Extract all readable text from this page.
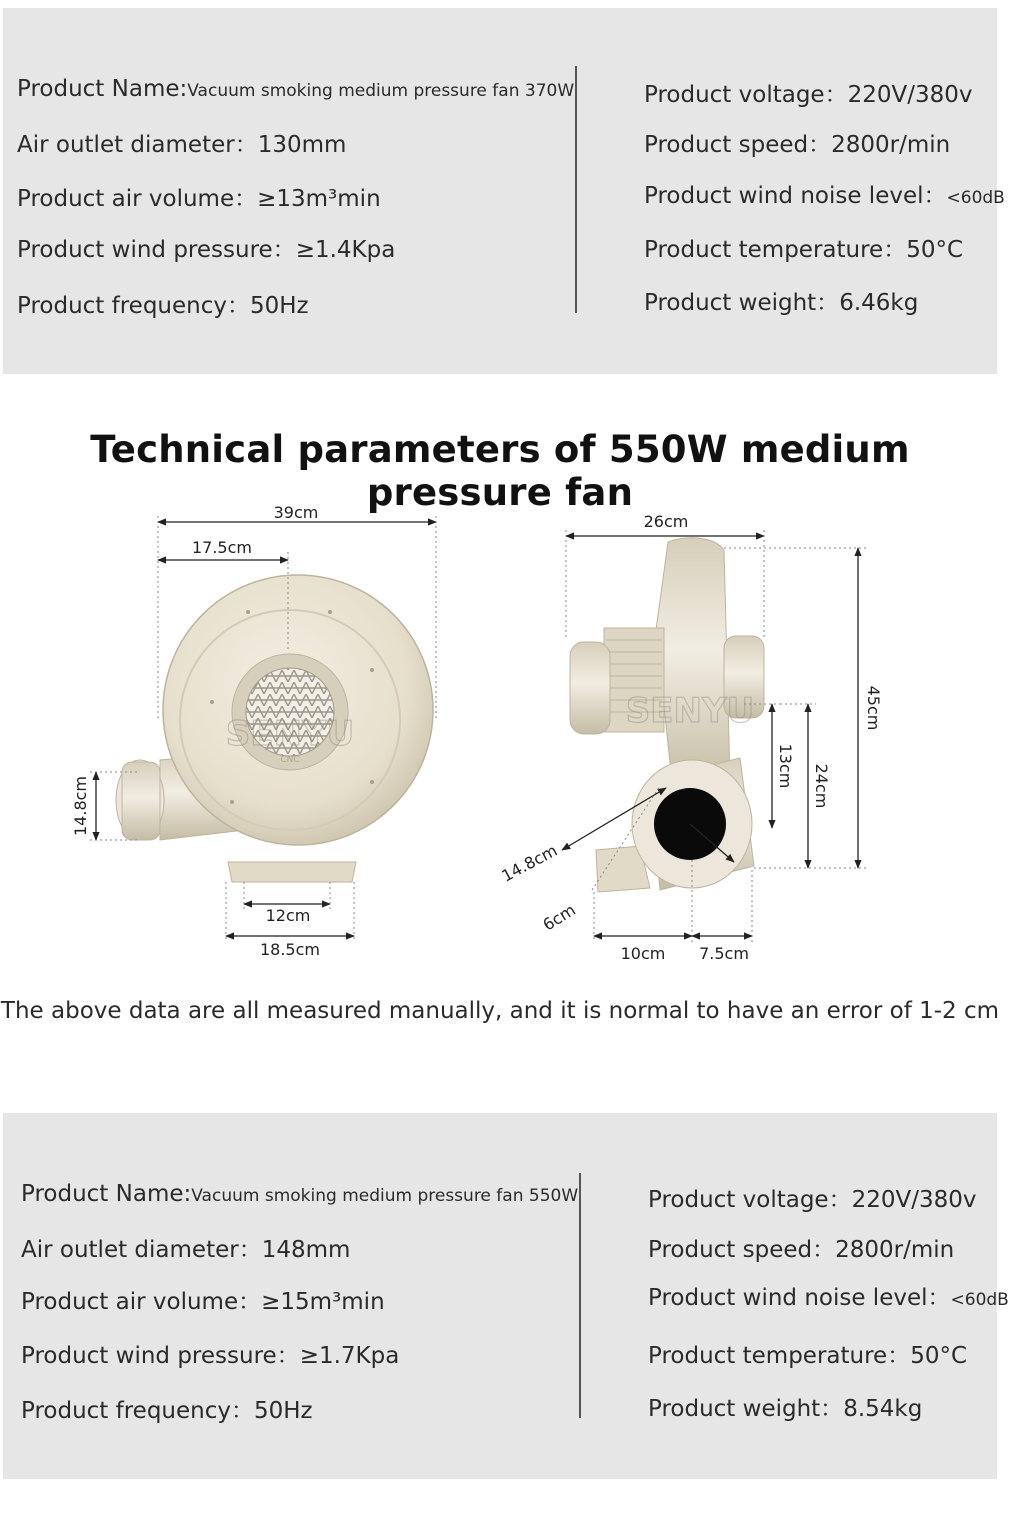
Product Name:Vacuum smoking medium pressure fan 370W
Air outlet diameter：130mm
Product air volume：≥13m³min
Product wind pressure：≥1.4Kpa
Product frequency：50Hz
Product voltage：220V/380v
Product speed：2800r/min
Product wind noise level：<60dB
Product temperature：50°C
Product weight：6.46kg
Technical parameters of 550W medium pressure fan
SENYU
CNC
39cm
17.5cm
14.8cm
12cm
18.5cm
SENYU
26cm
45cm
13cm 24cm
14.8cm
6cm
10cm 7.5cm
The above data are all measured manually, and it is normal to have an error of 1-2 cm
Product Name:Vacuum smoking medium pressure fan 550W
Air outlet diameter：148mm
Product air volume：≥15m³min
Product wind pressure：≥1.7Kpa
Product frequency：50Hz
Product voltage：220V/380v
Product speed：2800r/min
Product wind noise level：<60dB
Product temperature：50°C
Product weight：8.54kg
